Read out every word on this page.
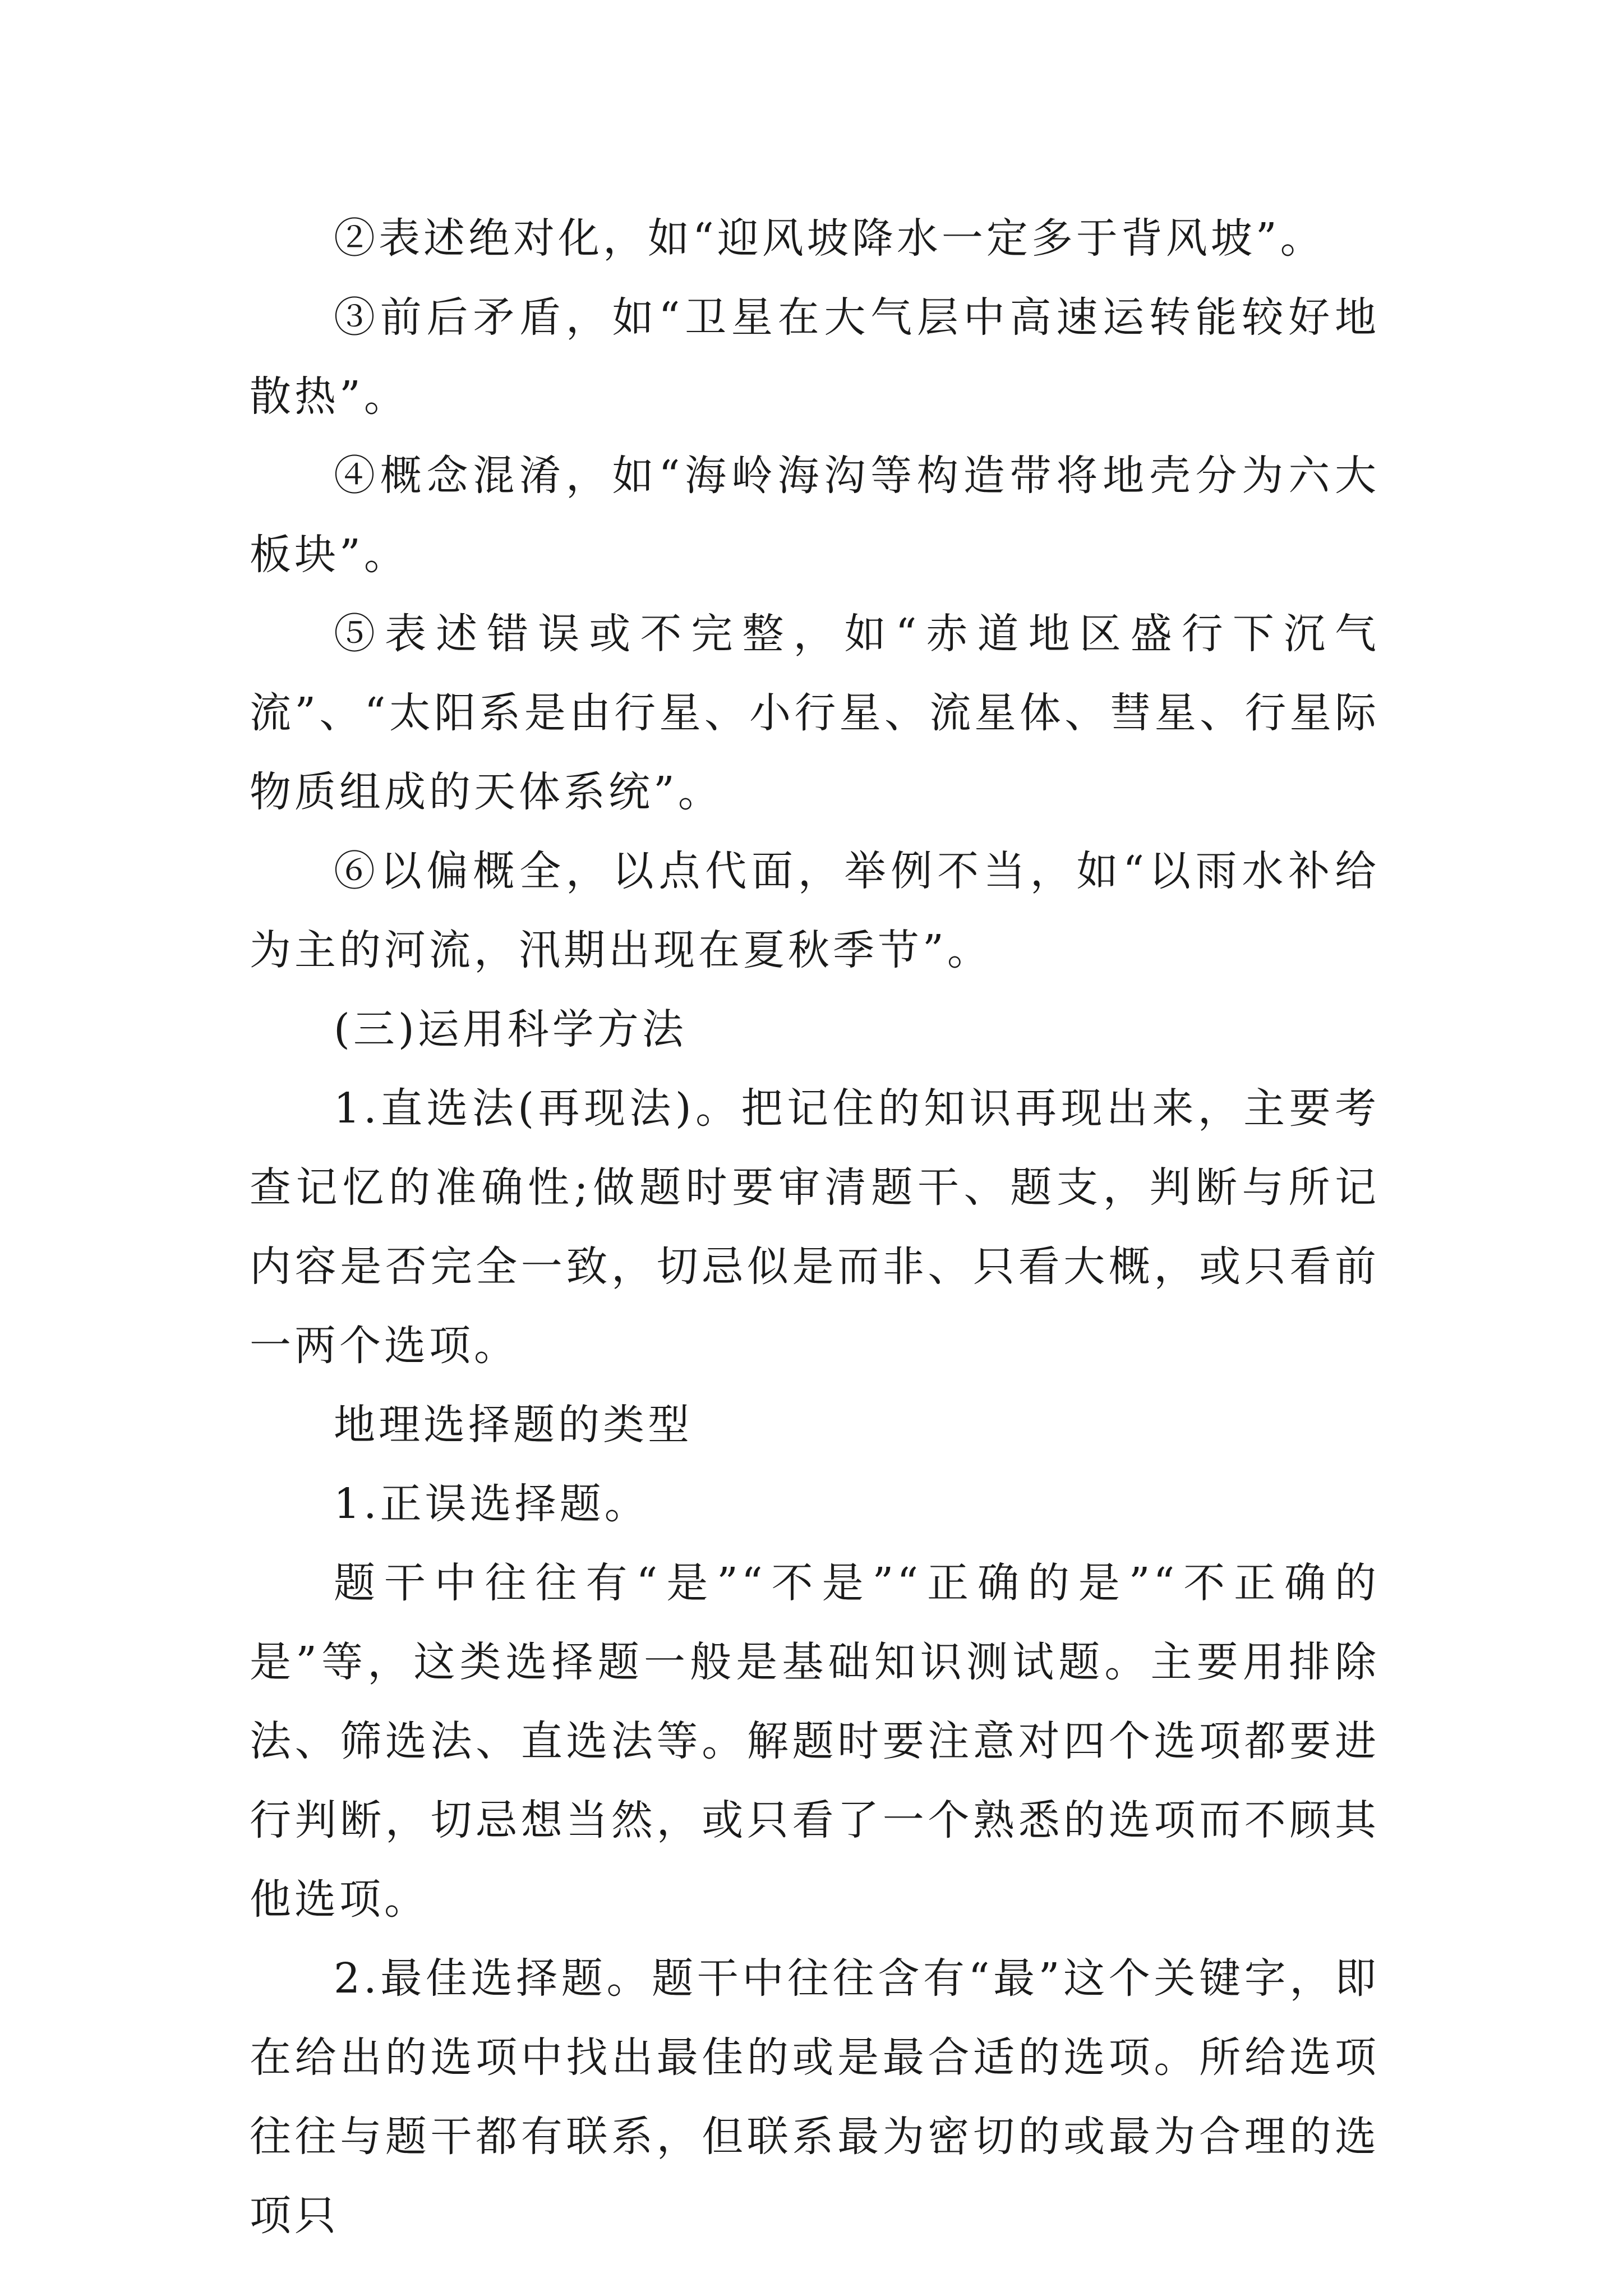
②表述绝对化，如“迎风坡降水一定多于背风坡”。

③前后矛盾，如“卫星在大气层中高速运转能较好地散热”。

④概念混淆，如“海岭海沟等构造带将地壳分为六大板块”。

⑤表述错误或不完整，如“赤道地区盛行下沉气流”、“太阳系是由行星、小行星、流星体、彗星、行星际物质组成的天体系统”。

⑥以偏概全，以点代面，举例不当，如“以雨水补给为主的河流，汛期出现在夏秋季节”。

(三)运用科学方法

1.直选法(再现法)。把记住的知识再现出来，主要考查记忆的准确性;做题时要审清题干、题支，判断与所记内容是否完全一致，切忌似是而非、只看大概，或只看前一两个选项。

地理选择题的类型

1.正误选择题。

题干中往往有“是”“不是”“正确的是”“不正确的是”等，这类选择题一般是基础知识测试题。主要用排除法、筛选法、直选法等。解题时要注意对四个选项都要进行判断，切忌想当然，或只看了一个熟悉的选项而不顾其他选项。

2.最佳选择题。题干中往往含有“最”这个关键字，即在给出的选项中找出最佳的或是最合适的选项。所给选项往往与题干都有联系，但联系最为密切的或最为合理的选项只
